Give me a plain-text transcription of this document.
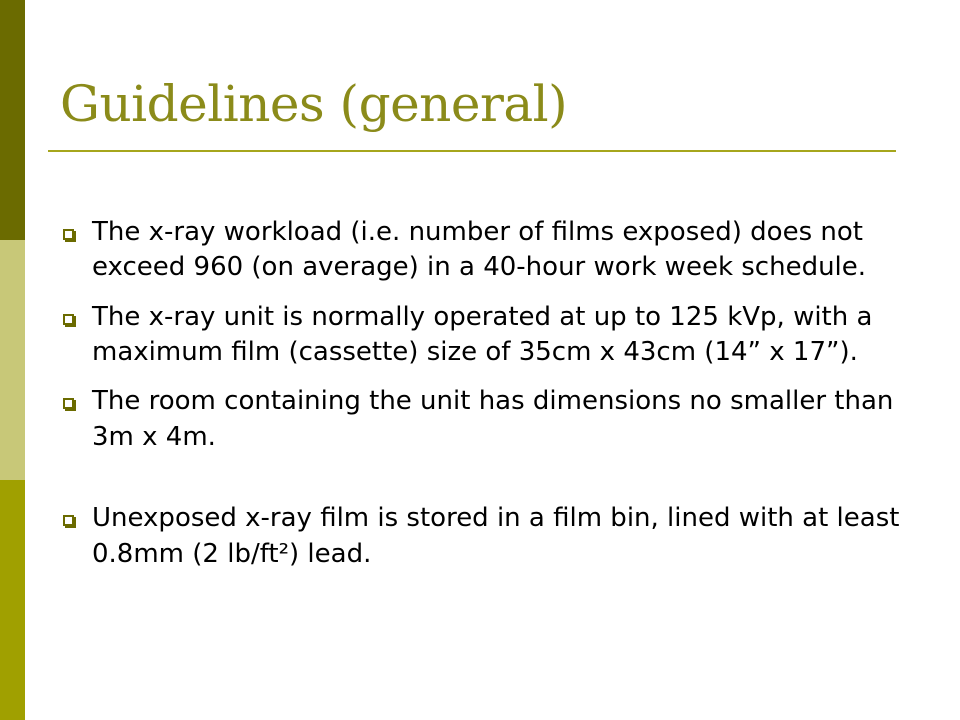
Guidelines (general)
The x-ray workload (i.e. number of films exposed) does not exceed 960 (on average) in a 40-hour work week schedule.
The x-ray unit is normally operated at up to 125 kVp, with a maximum film (cassette) size of 35cm x 43cm (14” x 17”).
The room containing the unit has dimensions no smaller than 3m x 4m.
Unexposed x-ray film is stored in a film bin, lined with at least 0.8mm (2 lb/ft²) lead.
